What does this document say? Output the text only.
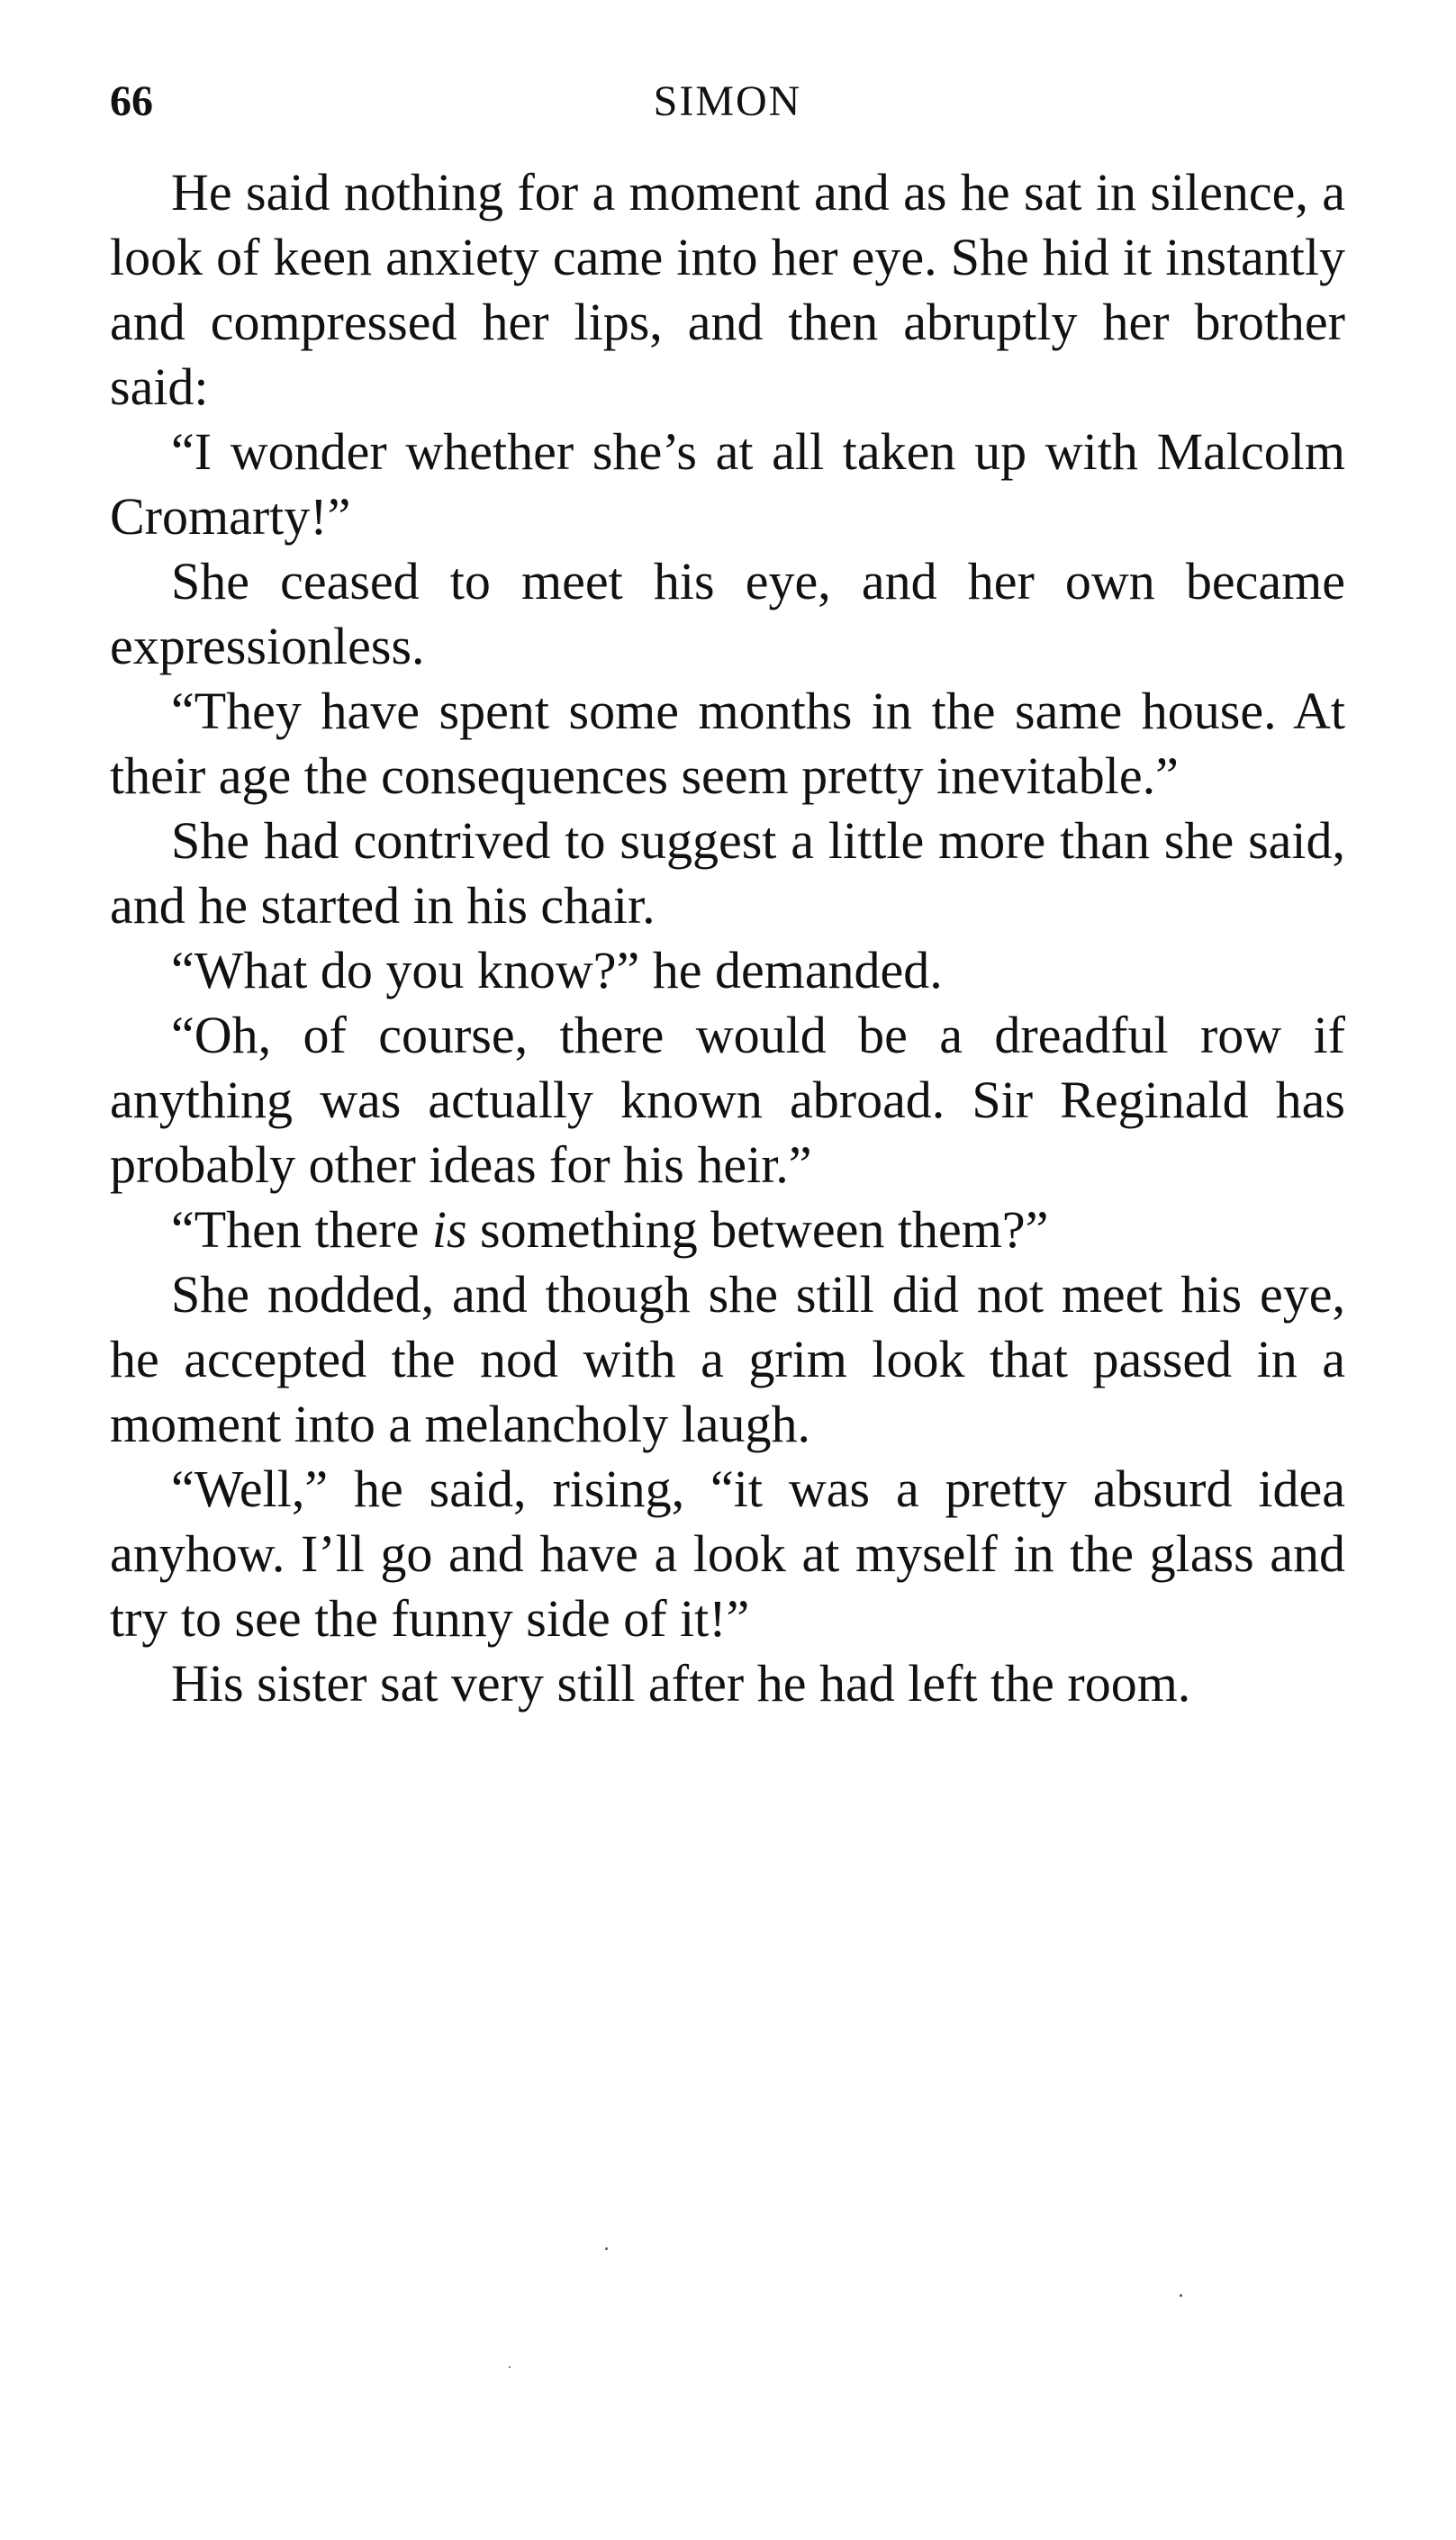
66	SIMON

He said nothing for a moment and as he sat in silence, a look of keen anxiety came into her eye. She hid it instantly and compressed her lips, and then abruptly her brother said:

“I wonder whether she’s at all taken up with Malcolm Cromarty!”

She ceased to meet his eye, and her own became expressionless.

“They have spent some months in the same house. At their age the consequences seem pretty inevitable.”

She had contrived to suggest a little more than she said, and he started in his chair.

“What do you know?” he demanded.

“Oh, of course, there would be a dreadful row if anything was actually known abroad. Sir Reginald has probably other ideas for his heir.”

“Then there is something between them?”

She nodded, and though she still did not meet his eye, he accepted the nod with a grim look that passed in a moment into a melancholy laugh.

“Well,” he said, rising, “it was a pretty absurd idea anyhow. I’ll go and have a look at myself in the glass and try to see the funny side of it!”

His sister sat very still after he had left the room.
